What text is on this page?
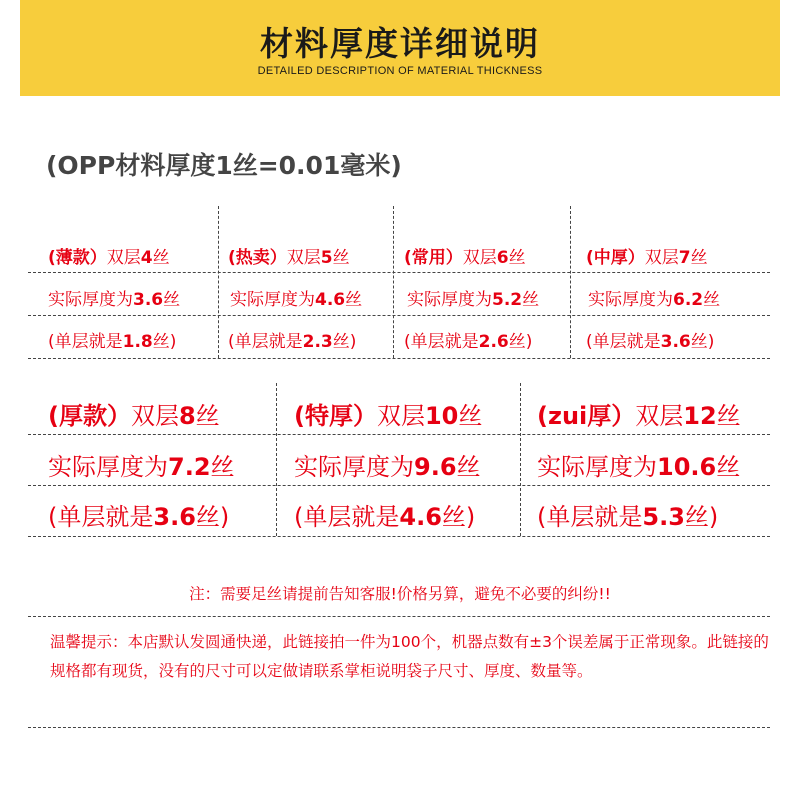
材料厚度详细说明
DETAILED DESCRIPTION OF MATERIAL THICKNESS
(OPP材料厚度1丝=0.01毫米)
(薄款）双层4丝
实际厚度为3.6丝
(单层就是1.8丝)
(热卖）双层5丝
实际厚度为4.6丝
(单层就是2.3丝)
(常用）双层6丝
实际厚度为5.2丝
(单层就是2.6丝)
(中厚）双层7丝
实际厚度为6.2丝
(单层就是3.6丝)
(厚款）双层8丝
实际厚度为7.2丝
(单层就是3.6丝)
(特厚）双层10丝
实际厚度为9.6丝
(单层就是4.6丝)
(zui厚）双层12丝
实际厚度为10.6丝
(单层就是5.3丝)
注：需要足丝请提前告知客服!价格另算，避免不必要的纠纷!!
温馨提示：本店默认发圆通快递，此链接拍一件为100个，机器点数有±3个误差属于正常现象。此链接的规格都有现货，没有的尺寸可以定做请联系掌柜说明袋子尺寸、厚度、数量等。
